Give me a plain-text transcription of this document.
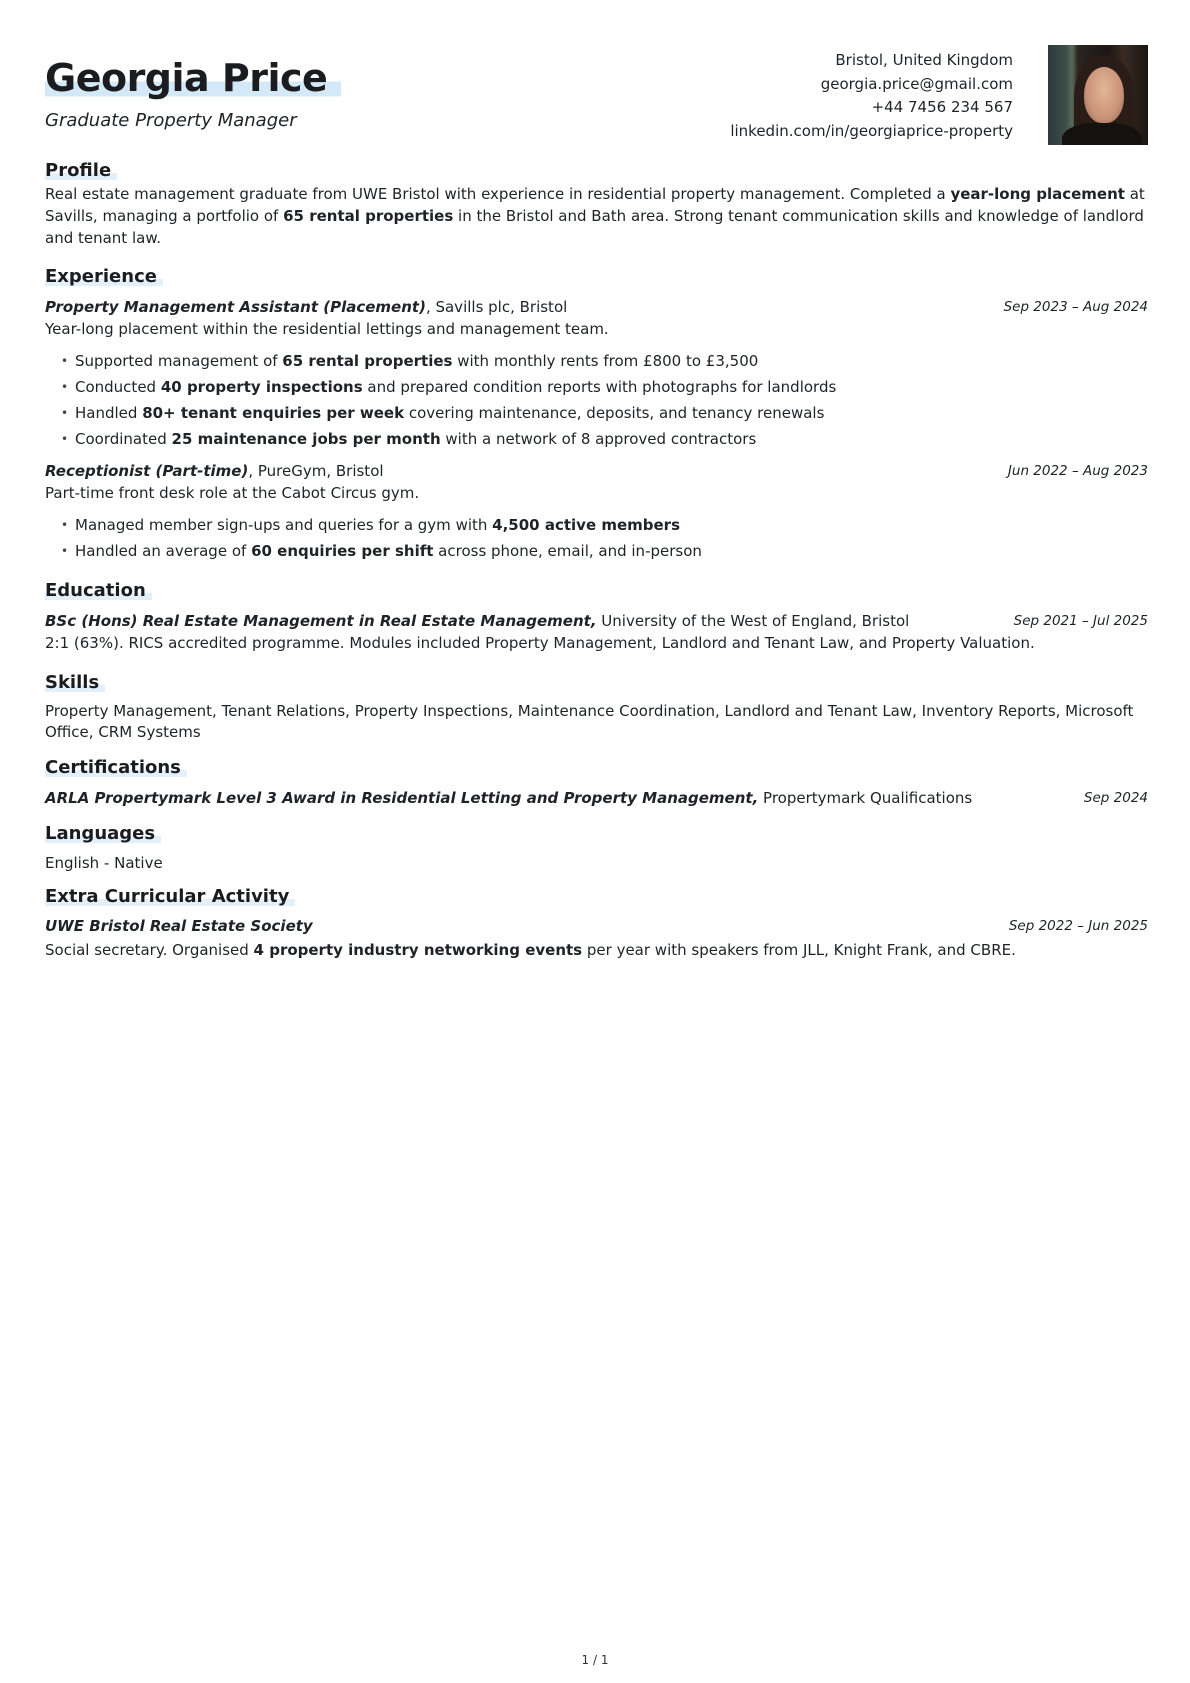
Georgia Price
Graduate Property Manager
Bristol, United Kingdom
georgia.price@gmail.com
+44 7456 234 567
linkedin.com/in/georgiaprice-property
Profile
Real estate management graduate from UWE Bristol with experience in residential property management. Completed a year-long placement at Savills, managing a portfolio of 65 rental properties in the Bristol and Bath area. Strong tenant communication skills and knowledge of landlord and tenant law.
Experience
Property Management Assistant (Placement), Savills plc, Bristol	Sep 2023 – Aug 2024
Year-long placement within the residential lettings and management team.
• Supported management of 65 rental properties with monthly rents from £800 to £3,500
• Conducted 40 property inspections and prepared condition reports with photographs for landlords
• Handled 80+ tenant enquiries per week covering maintenance, deposits, and tenancy renewals
• Coordinated 25 maintenance jobs per month with a network of 8 approved contractors
Receptionist (Part-time), PureGym, Bristol	Jun 2022 – Aug 2023
Part-time front desk role at the Cabot Circus gym.
• Managed member sign-ups and queries for a gym with 4,500 active members
• Handled an average of 60 enquiries per shift across phone, email, and in-person
Education
BSc (Hons) Real Estate Management in Real Estate Management, University of the West of England, Bristol	Sep 2021 – Jul 2025
2:1 (63%). RICS accredited programme. Modules included Property Management, Landlord and Tenant Law, and Property Valuation.
Skills
Property Management, Tenant Relations, Property Inspections, Maintenance Coordination, Landlord and Tenant Law, Inventory Reports, Microsoft Office, CRM Systems
Certifications
ARLA Propertymark Level 3 Award in Residential Letting and Property Management, Propertymark Qualifications	Sep 2024
Languages
English - Native
Extra Curricular Activity
UWE Bristol Real Estate Society	Sep 2022 – Jun 2025
Social secretary. Organised 4 property industry networking events per year with speakers from JLL, Knight Frank, and CBRE.
1 / 1
